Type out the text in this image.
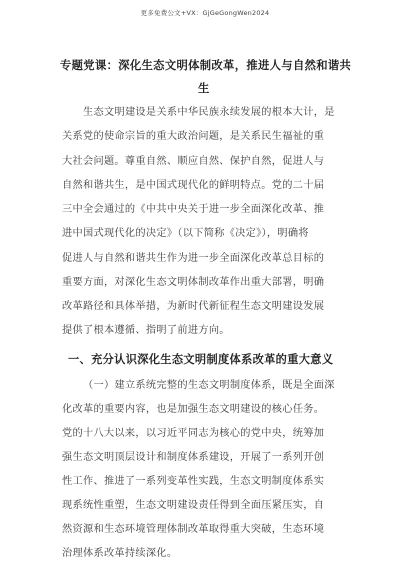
更多免费公文+VX：GjGeGongWen2024
专题党课：深化生态文明体制改革，推进人与自然和谐共
生
生态文明建设是关系中华民族永续发展的根本大计，是
关系党的使命宗旨的重大政治问题，是关系民生福祉的重
大社会问题。尊重自然、顺应自然、保护自然，促进人与
自然和谐共生，是中国式现代化的鲜明特点。党的二十届
三中全会通过的《中共中央关于进一步全面深化改革、推
进中国式现代化的决定》（以下简称《决定》），明确将
促进人与自然和谐共生作为进一步全面深化改革总目标的
重要方面，对深化生态文明体制改革作出重大部署，明确
改革路径和具体举措，为新时代新征程生态文明建设发展
提供了根本遵循、指明了前进方向。
一、充分认识深化生态文明制度体系改革的重大意义
（一）建立系统完整的生态文明制度体系，既是全面深
化改革的重要内容，也是加强生态文明建设的核心任务。
党的十八大以来，以习近平同志为核心的党中央，统筹加
强生态文明顶层设计和制度体系建设，开展了一系列开创
性工作、推进了一系列变革性实践，生态文明制度体系实
现系统性重塑，生态文明建设责任得到全面压紧压实，自
然资源和生态环境管理体制改革取得重大突破，生态环境
治理体系改革持续深化。
